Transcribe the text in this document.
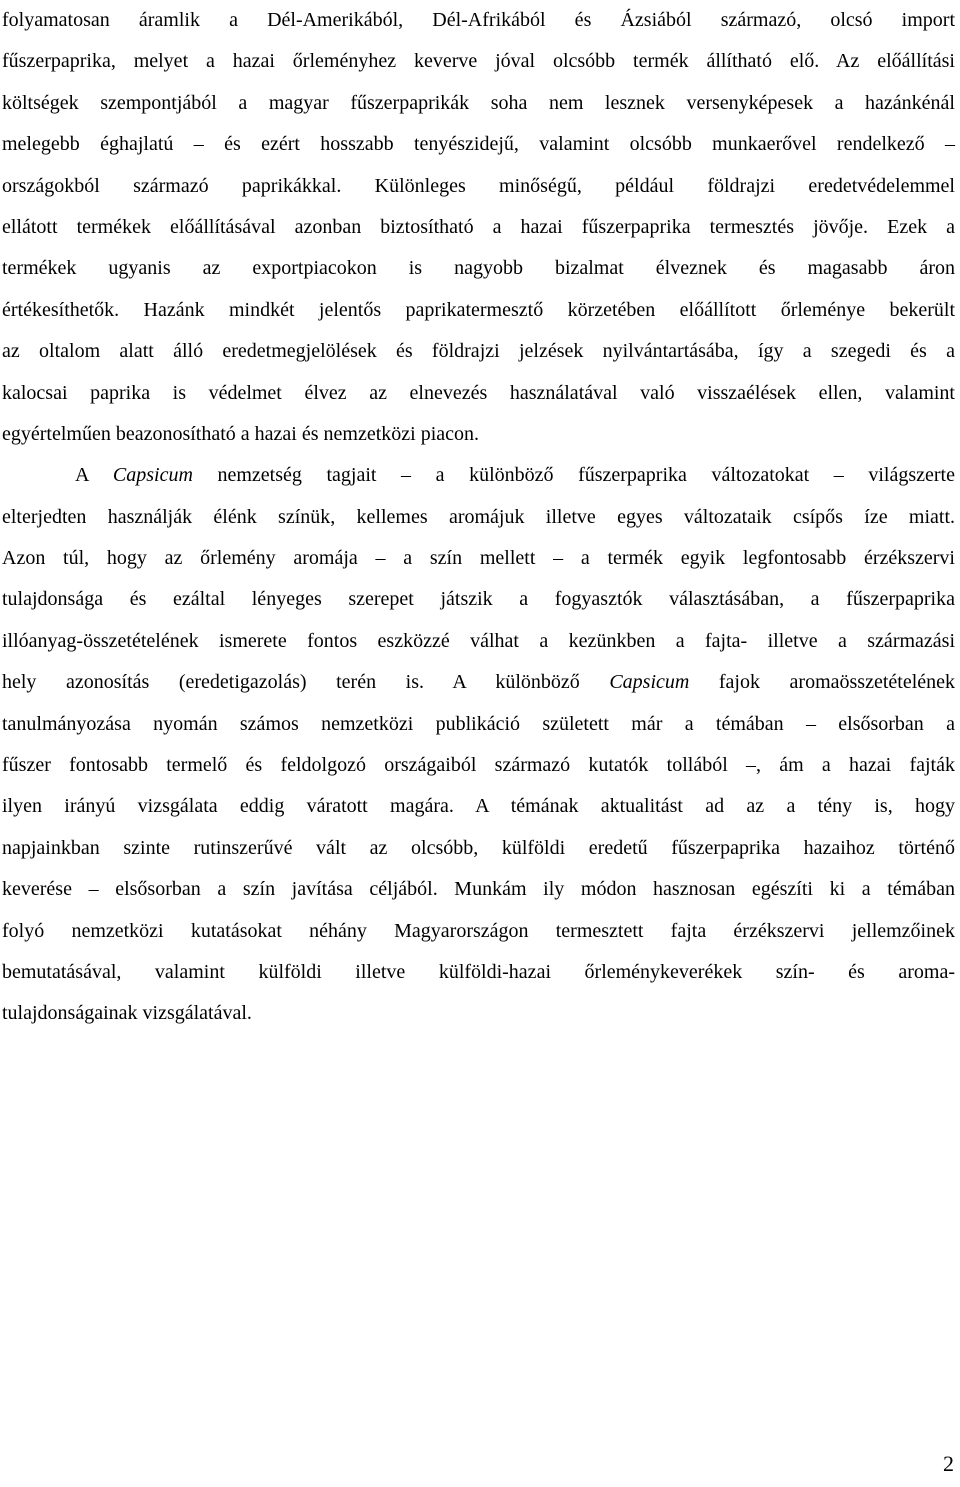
folyamatosan áramlik a Dél-Amerikából, Dél-Afrikából és Ázsiából származó, olcsó import
fűszerpaprika, melyet a hazai őrleményhez keverve jóval olcsóbb termék állítható elő. Az előállítási
költségek szempontjából a magyar fűszerpaprikák soha nem lesznek versenyképesek a hazánkénál
melegebb éghajlatú – és ezért hosszabb tenyészidejű, valamint olcsóbb munkaerővel rendelkező –
országokból származó paprikákkal. Különleges minőségű, például földrajzi eredetvédelemmel
ellátott termékek előállításával azonban biztosítható a hazai fűszerpaprika termesztés jövője. Ezek a
termékek ugyanis az exportpiacokon is nagyobb bizalmat élveznek és magasabb áron
értékesíthetők. Hazánk mindkét jelentős paprikatermesztő körzetében előállított őrleménye bekerült
az oltalom alatt álló eredetmegjelölések és földrajzi jelzések nyilvántartásába, így a szegedi és a
kalocsai paprika is védelmet élvez az elnevezés használatával való visszaélések ellen, valamint
egyértelműen beazonosítható a hazai és nemzetközi piacon.
A Capsicum nemzetség tagjait – a különböző fűszerpaprika változatokat – világszerte
elterjedten használják élénk színük, kellemes aromájuk illetve egyes változataik csípős íze miatt.
Azon túl, hogy az őrlemény aromája – a szín mellett – a termék egyik legfontosabb érzékszervi
tulajdonsága és ezáltal lényeges szerepet játszik a fogyasztók választásában, a fűszerpaprika
illóanyag-összetételének ismerete fontos eszközzé válhat a kezünkben a fajta- illetve a származási
hely azonosítás (eredetigazolás) terén is. A különböző Capsicum fajok aromaösszetételének
tanulmányozása nyomán számos nemzetközi publikáció született már a témában – elsősorban a
fűszer fontosabb termelő és feldolgozó országaiból származó kutatók tollából –, ám a hazai fajták
ilyen irányú vizsgálata eddig váratott magára. A témának aktualitást ad az a tény is, hogy
napjainkban szinte rutinszerűvé vált az olcsóbb, külföldi eredetű fűszerpaprika hazaihoz történő
keverése – elsősorban a szín javítása céljából. Munkám ily módon hasznosan egészíti ki a témában
folyó nemzetközi kutatásokat néhány Magyarországon termesztett fajta érzékszervi jellemzőinek
bemutatásával, valamint külföldi illetve külföldi-hazai őrleménykeverékek szín- és aroma-
tulajdonságainak vizsgálatával.
2
